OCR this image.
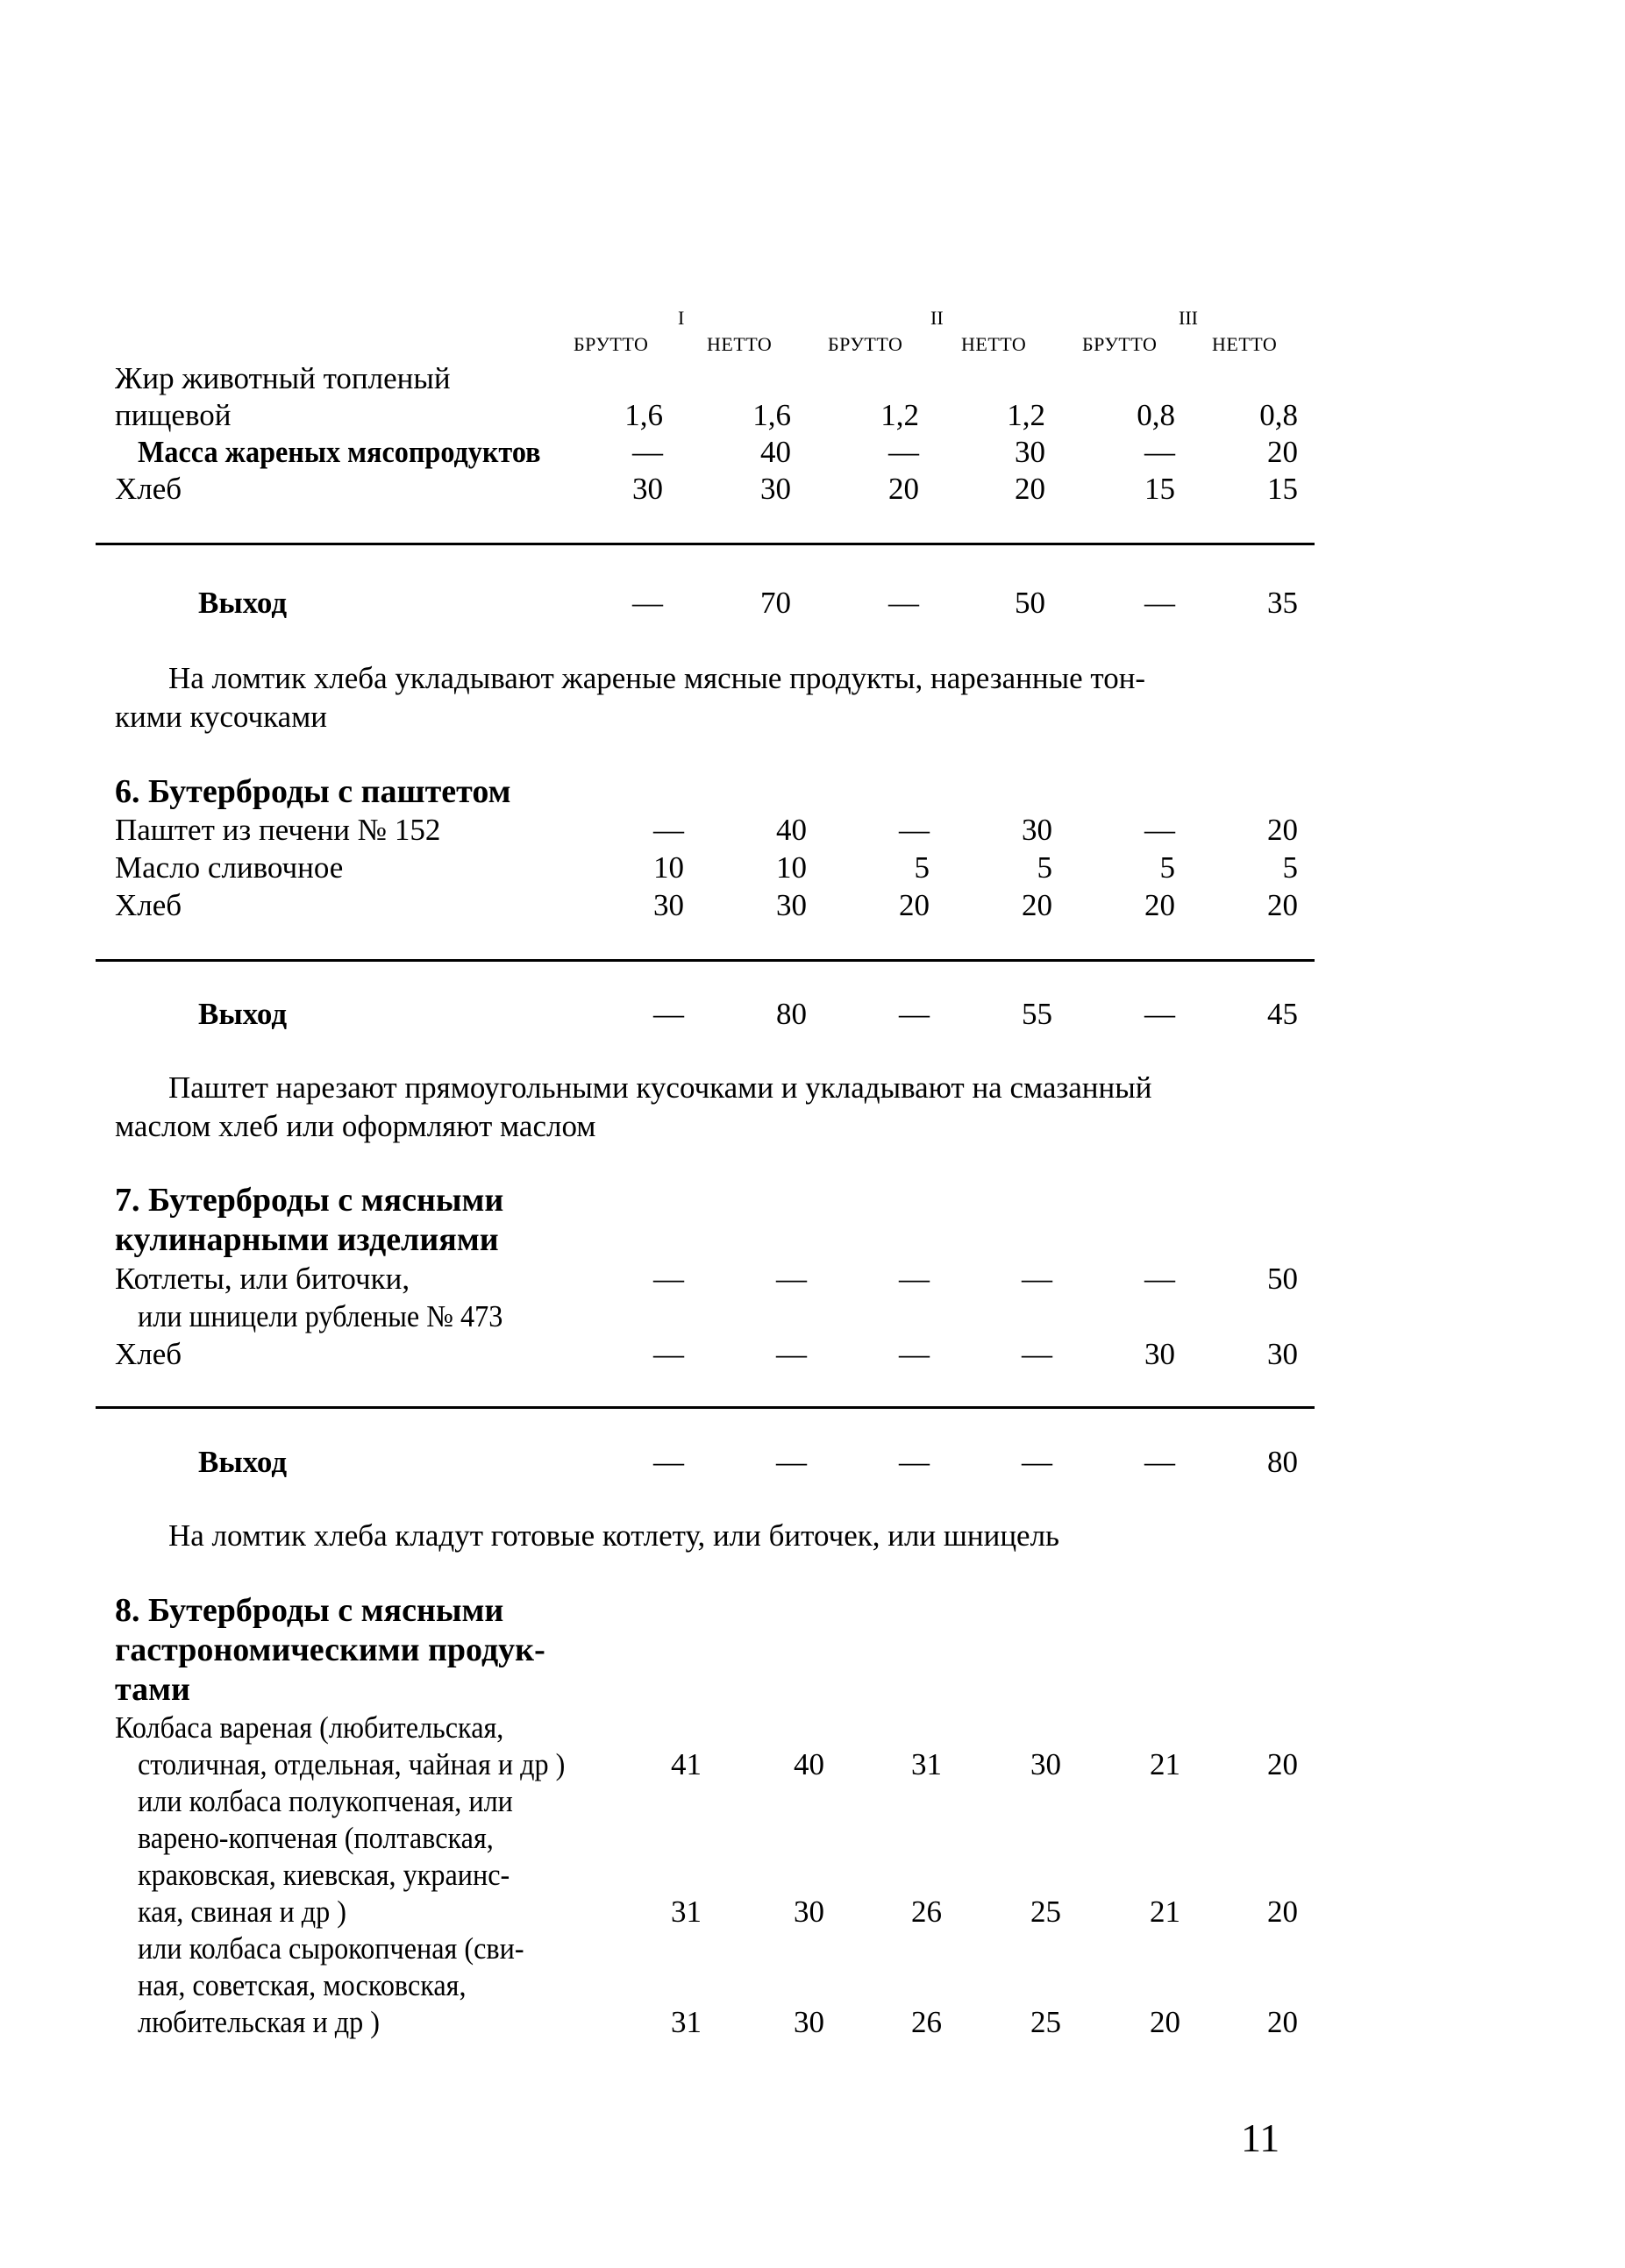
I	II	III
БРУТТО	НЕТТО	БРУТТО	НЕТТО	БРУТТО	НЕТТО
Жир животный топленый
пищевой	1,6	1,6	1,2	1,2	0,8	0,8
Масса жареных мясопродуктов	—	40	—	30	—	20
Хлеб	30	30	20	20	15	15
Выход	—	70	—	50	—	35
На ломтик хлеба укладывают жареные мясные продукты, нарезанные тон-
кими кусочками
6. Бутерброды с паштетом
Паштет из печени № 152	—	40	—	30	—	20
Масло сливочное	10	10	5	5	5	5
Хлеб	30	30	20	20	20	20
Выход	—	80	—	55	—	45
Паштет нарезают прямоугольными кусочками и укладывают на смазанный
маслом хлеб или оформляют маслом
7. Бутерброды с мясными
кулинарными изделиями
Котлеты, или биточки,
или шницели рубленые № 473
—	—	—	—	—	50
Хлеб	—	—	—	—	30	30
Выход	—	—	—	—	—	80
На ломтик хлеба кладут готовые котлету, или биточек, или шницель
8. Бутерброды с мясными
гастрономическими продук-
тами
Колбаса вареная (любительская,
столичная, отдельная, чайная и др )	41	40	31	30	21	20
или колбаса полукопченая, или
варено-копченая (полтавская,
краковская, киевская, украинс-
кая, свиная и др )	31	30	26	25	21	20
или колбаса сырокопченая (сви-
ная, советская, московская,
любительская и др )	31	30	26	25	20	20
11
